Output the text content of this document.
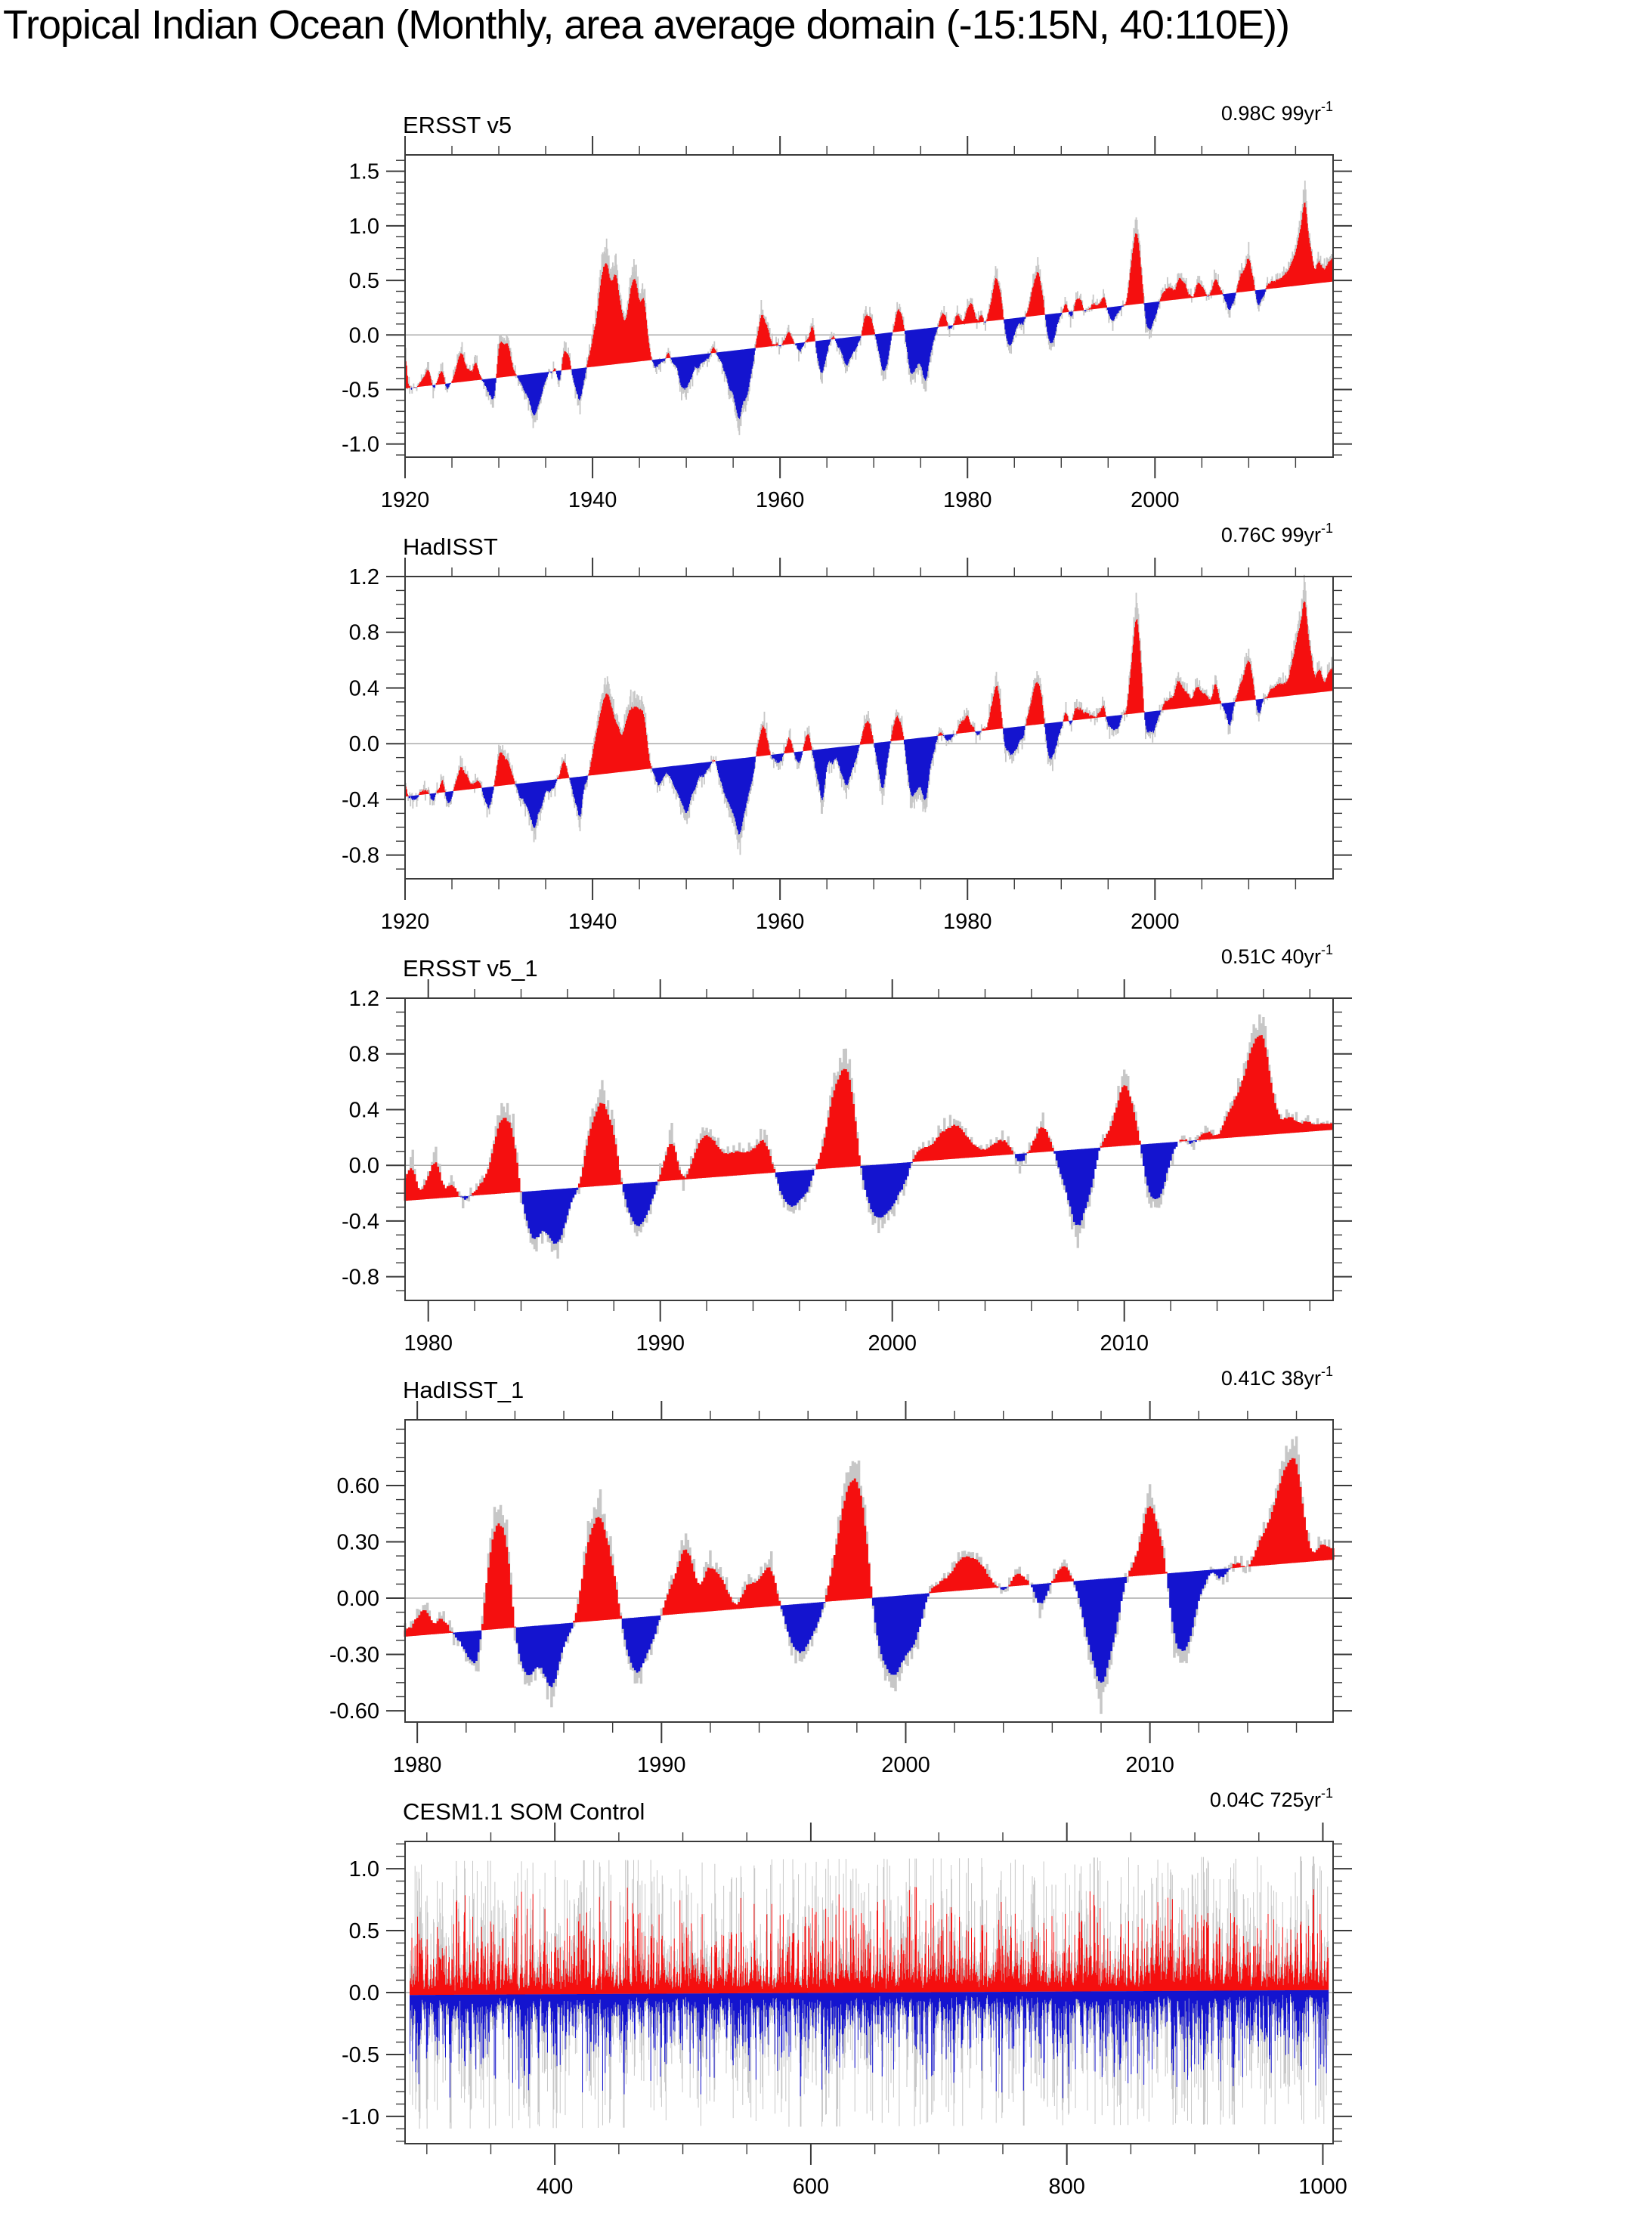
Tropical Indian Ocean (Monthly, area average domain (-15:15N, 40:110E))
ERSST v5	0.98C $99yr^{-1}$
HadISST	0.76C $99yr^{-1}$
ERSST v5_1	0.51C $40yr^{-1}$
HadISST_1	0.41C $38yr^{-1}$
CESM1.1 SOM Control	0.04C $725yr^{-1}$
1920	1940	1960	1980	2000
1.5
1.0
0.5
0.0
-0.5
-1.0
1920	1940	1960	1980	2000
1.2
0.8
0.4
0.0
-0.4
-0.8
1980	1990	2000	2010
1.2
0.8
0.4
0.0
-0.4
-0.8
1980	1990	2000	2010
0.60
0.30
0.00
-0.30
-0.60
400	600	800	1000
1.0
0.5
0.0
-0.5
-1.0
